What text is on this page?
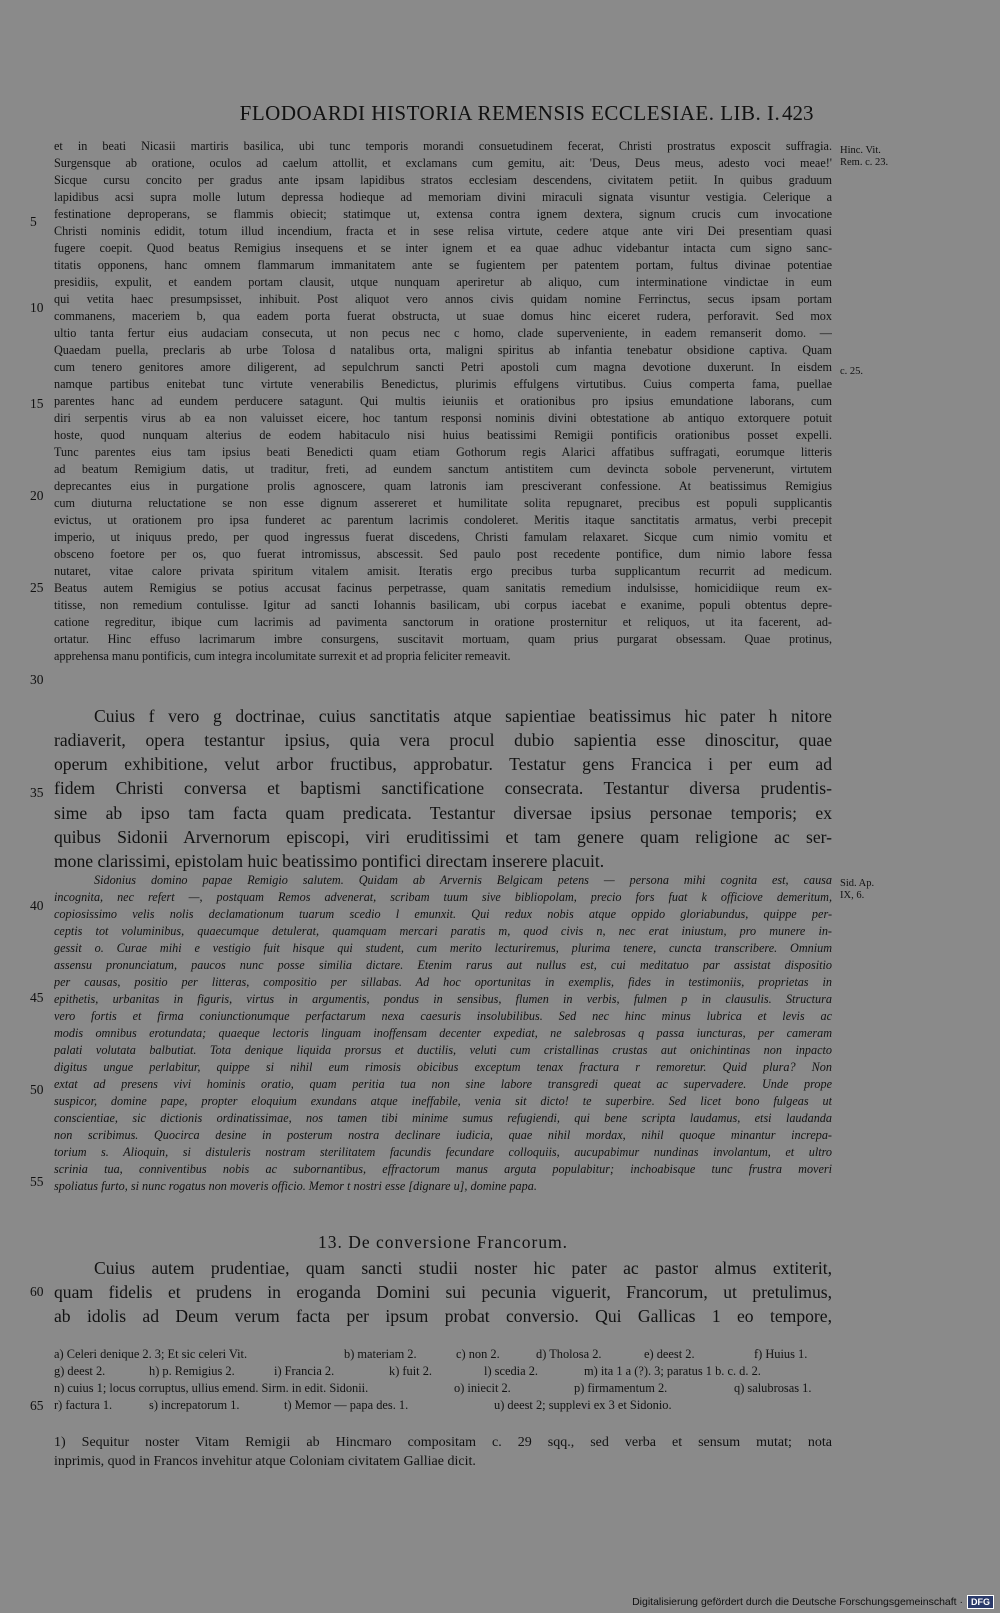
FLODOARDI HISTORIA REMENSIS ECCLESIAE. LIB. I. 423
Hinc. Vit.
Rem. c. 23.
c. 25.
Sid. Ap.
IX, 6.
5
10
15
20
25
30
35
40
45
50
55
60
65
et in beati Nicasii martiris basilica, ubi tunc temporis morandi consuetudinem fecerat, Christi prostratus exposcit suffragia.
Surgensque ab oratione, oculos ad caelum attollit, et exclamans cum gemitu, ait: 'Deus, Deus meus, adesto voci meae!'
Sicque cursu concito per gradus ante ipsam lapidibus stratos ecclesiam descendens, civitatem petiit. In quibus graduum
lapidibus acsi supra molle lutum depressa hodieque ad memoriam divini miraculi signata visuntur vestigia. Celerique a
festinatione deproperans, se flammis obiecit; statimque ut, extensa contra ignem dextera, signum crucis cum invocatione
Christi nominis edidit, totum illud incendium, fracta et in sese relisa virtute, cedere atque ante viri Dei presentiam quasi
fugere coepit. Quod beatus Remigius insequens et se inter ignem et ea quae adhuc videbantur intacta cum signo sanc-
titatis opponens, hanc omnem flammarum immanitatem ante se fugientem per patentem portam, fultus divinae potentiae
presidiis, expulit, et eandem portam clausit, utque nunquam aperiretur ab aliquo, cum interminatione vindictae in eum
qui vetita haec presumpsisset, inhibuit. Post aliquot vero annos civis quidam nomine Ferrinctus, secus ipsam portam
commanens, maceriem b, qua eadem porta fuerat obstructa, ut suae domus hinc eiceret rudera, perforavit. Sed mox
ultio tanta fertur eius audaciam consecuta, ut non pecus nec c homo, clade superveniente, in eadem remanserit domo. —
Quaedam puella, preclaris ab urbe Tolosa d natalibus orta, maligni spiritus ab infantia tenebatur obsidione captiva. Quam
cum tenero genitores amore diligerent, ad sepulchrum sancti Petri apostoli cum magna devotione duxerunt. In eisdem
namque partibus enitebat tunc virtute venerabilis Benedictus, plurimis effulgens virtutibus. Cuius comperta fama, puellae
parentes hanc ad eundem perducere satagunt. Qui multis ieiuniis et orationibus pro ipsius emundatione laborans, cum
diri serpentis virus ab ea non valuisset eicere, hoc tantum responsi nominis divini obtestatione ab antiquo extorquere potuit
hoste, quod nunquam alterius de eodem habitaculo nisi huius beatissimi Remigii pontificis orationibus posset expelli.
Tunc parentes eius tam ipsius beati Benedicti quam etiam Gothorum regis Alarici affatibus suffragati, eorumque litteris
ad beatum Remigium datis, ut traditur, freti, ad eundem sanctum antistitem cum devincta sobole pervenerunt, virtutem
deprecantes eius in purgatione prolis agnoscere, quam latronis iam presciverant confessione. At beatissimus Remigius
cum diuturna reluctatione se non esse dignum assereret et humilitate solita repugnaret, precibus est populi supplicantis
evictus, ut orationem pro ipsa funderet ac parentum lacrimis condoleret. Meritis itaque sanctitatis armatus, verbi precepit
imperio, ut iniquus predo, per quod ingressus fuerat discedens, Christi famulam relaxaret. Sicque cum nimio vomitu et
obsceno foetore per os, quo fuerat intromissus, abscessit. Sed paulo post recedente pontifice, dum nimio labore fessa
nutaret, vitae calore privata spiritum vitalem amisit. Iteratis ergo precibus turba supplicantum recurrit ad medicum.
Beatus autem Remigius se potius accusat facinus perpetrasse, quam sanitatis remedium indulsisse, homicidiique reum ex-
titisse, non remedium contulisse. Igitur ad sancti Iohannis basilicam, ubi corpus iacebat e exanime, populi obtentus depre-
catione regreditur, ibique cum lacrimis ad pavimenta sanctorum in oratione prosternitur et reliquos, ut ita facerent, ad-
ortatur. Hinc effuso lacrimarum imbre consurgens, suscitavit mortuam, quam prius purgarat obsessam. Quae protinus,
apprehensa manu pontificis, cum integra incolumitate surrexit et ad propria feliciter remeavit.
Cuius f vero g doctrinae, cuius sanctitatis atque sapientiae beatissimus hic pater h nitore
radiaverit, opera testantur ipsius, quia vera procul dubio sapientia esse dinoscitur, quae
operum exhibitione, velut arbor fructibus, approbatur. Testatur gens Francica i per eum ad
fidem Christi conversa et baptismi sanctificatione consecrata. Testantur diversa prudentis-
sime ab ipso tam facta quam predicata. Testantur diversae ipsius personae temporis; ex
quibus Sidonii Arvernorum episcopi, viri eruditissimi et tam genere quam religione ac ser-
mone clarissimi, epistolam huic beatissimo pontifici directam inserere placuit.
Sidonius domino papae Remigio salutem. Quidam ab Arvernis Belgicam petens — persona mihi cognita est, causa
incognita, nec refert —, postquam Remos advenerat, scribam tuum sive bibliopolam, precio fors fuat k officiove demeritum,
copiosissimo velis nolis declamationum tuarum scedio l emunxit. Qui redux nobis atque oppido gloriabundus, quippe per-
ceptis tot voluminibus, quaecumque detulerat, quamquam mercari paratis m, quod civis n, nec erat iniustum, pro munere in-
gessit o. Curae mihi e vestigio fuit hisque qui student, cum merito lecturiremus, plurima tenere, cuncta transcribere. Omnium
assensu pronunciatum, paucos nunc posse similia dictare. Etenim rarus aut nullus est, cui meditatuo par assistat dispositio
per causas, positio per litteras, compositio per sillabas. Ad hoc oportunitas in exemplis, fides in testimoniis, proprietas in
epithetis, urbanitas in figuris, virtus in argumentis, pondus in sensibus, flumen in verbis, fulmen p in clausulis. Structura
vero fortis et firma coniunctionumque perfactarum nexa caesuris insolubilibus. Sed nec hinc minus lubrica et levis ac
modis omnibus erotundata; quaeque lectoris linguam inoffensam decenter expediat, ne salebrosas q passa iuncturas, per cameram
palati volutata balbutiat. Tota denique liquida prorsus et ductilis, veluti cum cristallinas crustas aut onichintinas non inpacto
digitus ungue perlabitur, quippe si nihil eum rimosis obicibus exceptum tenax fractura r remoretur. Quid plura? Non
extat ad presens vivi hominis oratio, quam peritia tua non sine labore transgredi queat ac supervadere. Unde prope
suspicor, domine pape, propter eloquium exundans atque ineffabile, venia sit dicto! te superbire. Sed licet bono fulgeas ut
conscientiae, sic dictionis ordinatissimae, nos tamen tibi minime sumus refugiendi, qui bene scripta laudamus, etsi laudanda
non scribimus. Quocirca desine in posterum nostra declinare iudicia, quae nihil mordax, nihil quoque minantur increpa-
torium s. Alioquin, si distuleris nostram sterilitatem facundis fecundare colloquiis, aucupabimur nundinas involantum, et ultro
scrinia tua, conniventibus nobis ac subornantibus, effractorum manus arguta populabitur; inchoabisque tunc frustra moveri
spoliatus furto, si nunc rogatus non moveris officio. Memor t nostri esse [dignare u], domine papa.
13. De conversione Francorum.
Cuius autem prudentiae, quam sancti studii noster hic pater ac pastor almus extiterit,
quam fidelis et prudens in eroganda Domini sui pecunia viguerit, Francorum, ut pretulimus,
ab idolis ad Deum verum facta per ipsum probat conversio. Qui Gallicas 1 eo tempore,
a) Celeri denique 2. 3; Et sic celeri Vit.	b) materiam 2.	c) non 2.	d) Tholosa 2.	e) deest 2.	f) Huius 1.
g) deest 2.	h) p. Remigius 2.	i) Francia 2.	k) fuit 2.	l) scedia 2.	m) ita 1 a (?). 3; paratus 1 b. c. d. 2.
n) cuius 1; locus corruptus, ullius emend. Sirm. in edit. Sidonii.	o) iniecit 2.	p) firmamentum 2.	q) salubrosas 1.
r) factura 1.	s) increpatorum 1.	t) Memor — papa des. 1.	u) deest 2; supplevi ex 3 et Sidonio.
1) Sequitur noster Vitam Remigii ab Hincmaro compositam c. 29 sqq., sed verba et sensum mutat; nota
inprimis, quod in Francos invehitur atque Coloniam civitatem Galliae dicit.
Digitalisierung gefördert durch die Deutsche Forschungsgemeinschaft · DFG
